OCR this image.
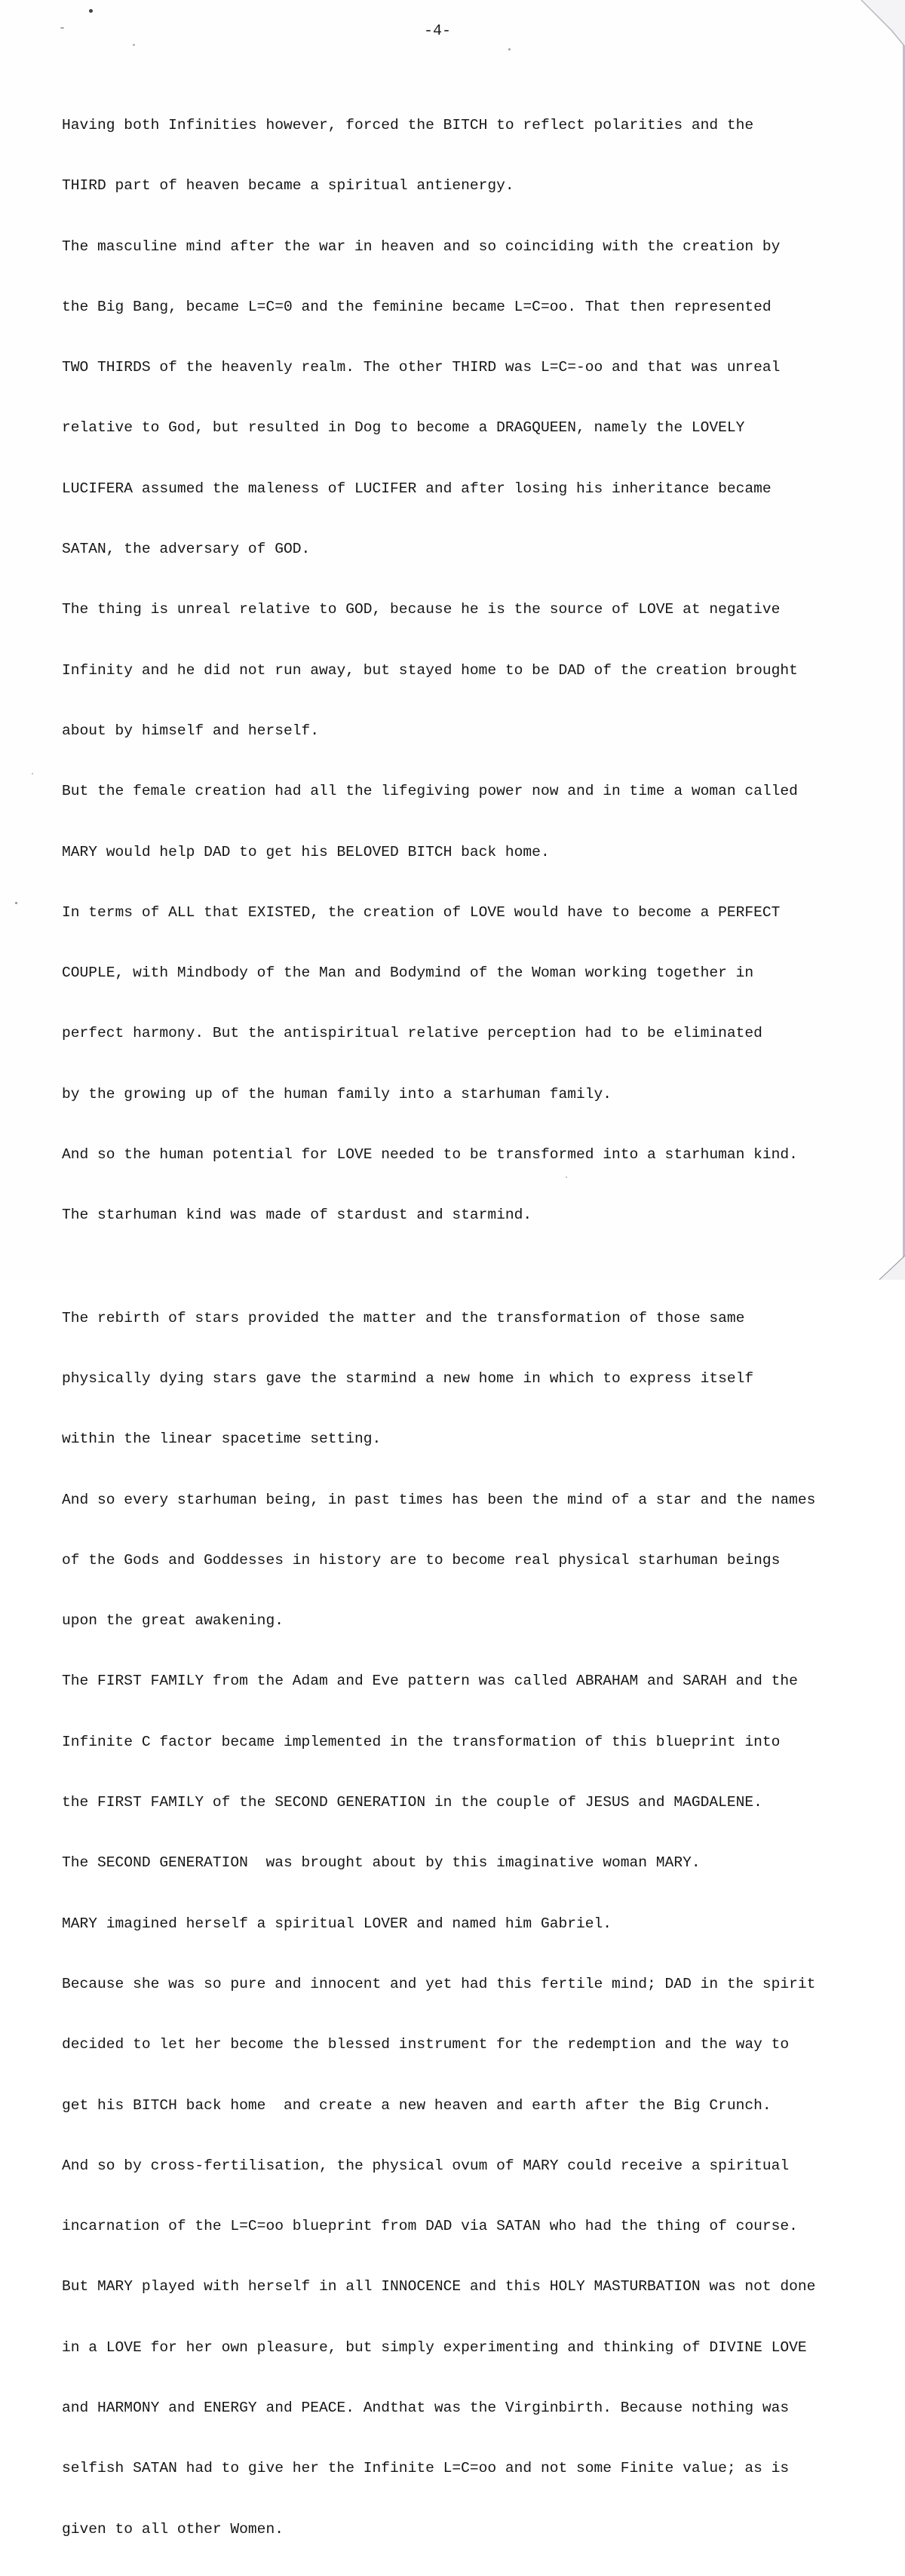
-4-

Having both Infinities however, forced the BITCH to reflect polarities and the

THIRD part of heaven became a spiritual antienergy.

The masculine mind after the war in heaven and so coinciding with the creation by

the Big Bang, became L=C=0 and the feminine became L=C=oo. That then represented

TWO THIRDS of the heavenly realm. The other THIRD was L=C=-oo and that was unreal

relative to God, but resulted in Dog to become a DRAGQUEEN, namely the LOVELY

LUCIFERA assumed the maleness of LUCIFER and after losing his inheritance became

SATAN, the adversary of GOD.

The thing is unreal relative to GOD, because he is the source of LOVE at negative

Infinity and he did not run away, but stayed home to be DAD of the creation brought

about by himself and herself.

But the female creation had all the lifegiving power now and in time a woman called

MARY would help DAD to get his BELOVED BITCH back home.

In terms of ALL that EXISTED, the creation of LOVE would have to become a PERFECT

COUPLE, with Mindbody of the Man and Bodymind of the Woman working together in

perfect harmony. But the antispiritual relative perception had to be eliminated

by the growing up of the human family into a starhuman family.

And so the human potential for LOVE needed to be transformed into a starhuman kind.

The starhuman kind was made of stardust and starmind.

The rebirth of stars provided the matter and the transformation of those same

physically dying stars gave the starmind a new home in which to express itself

within the linear spacetime setting.

And so every starhuman being, in past times has been the mind of a star and the names

of the Gods and Goddesses in history are to become real physical starhuman beings

upon the great awakening.

The FIRST FAMILY from the Adam and Eve pattern was called ABRAHAM and SARAH and the

Infinite C factor became implemented in the transformation of this blueprint into

the FIRST FAMILY of the SECOND GENERATION in the couple of JESUS and MAGDALENE.

The SECOND GENERATION  was brought about by this imaginative woman MARY.

MARY imagined herself a spiritual LOVER and named him Gabriel.

Because she was so pure and innocent and yet had this fertile mind; DAD in the spirit

decided to let her become the blessed instrument for the redemption and the way to

get his BITCH back home  and create a new heaven and earth after the Big Crunch.

And so by cross-fertilisation, the physical ovum of MARY could receive a spiritual

incarnation of the L=C=oo blueprint from DAD via SATAN who had the thing of course.

But MARY played with herself in all INNOCENCE and this HOLY MASTURBATION was not done

in a LOVE for her own pleasure, but simply experimenting and thinking of DIVINE LOVE

and HARMONY and ENERGY and PEACE. Andthat was the Virginbirth. Because nothing was

selfish SATAN had to give her the Infinite L=C=oo and not some Finite value; as is

given to all other Women.
